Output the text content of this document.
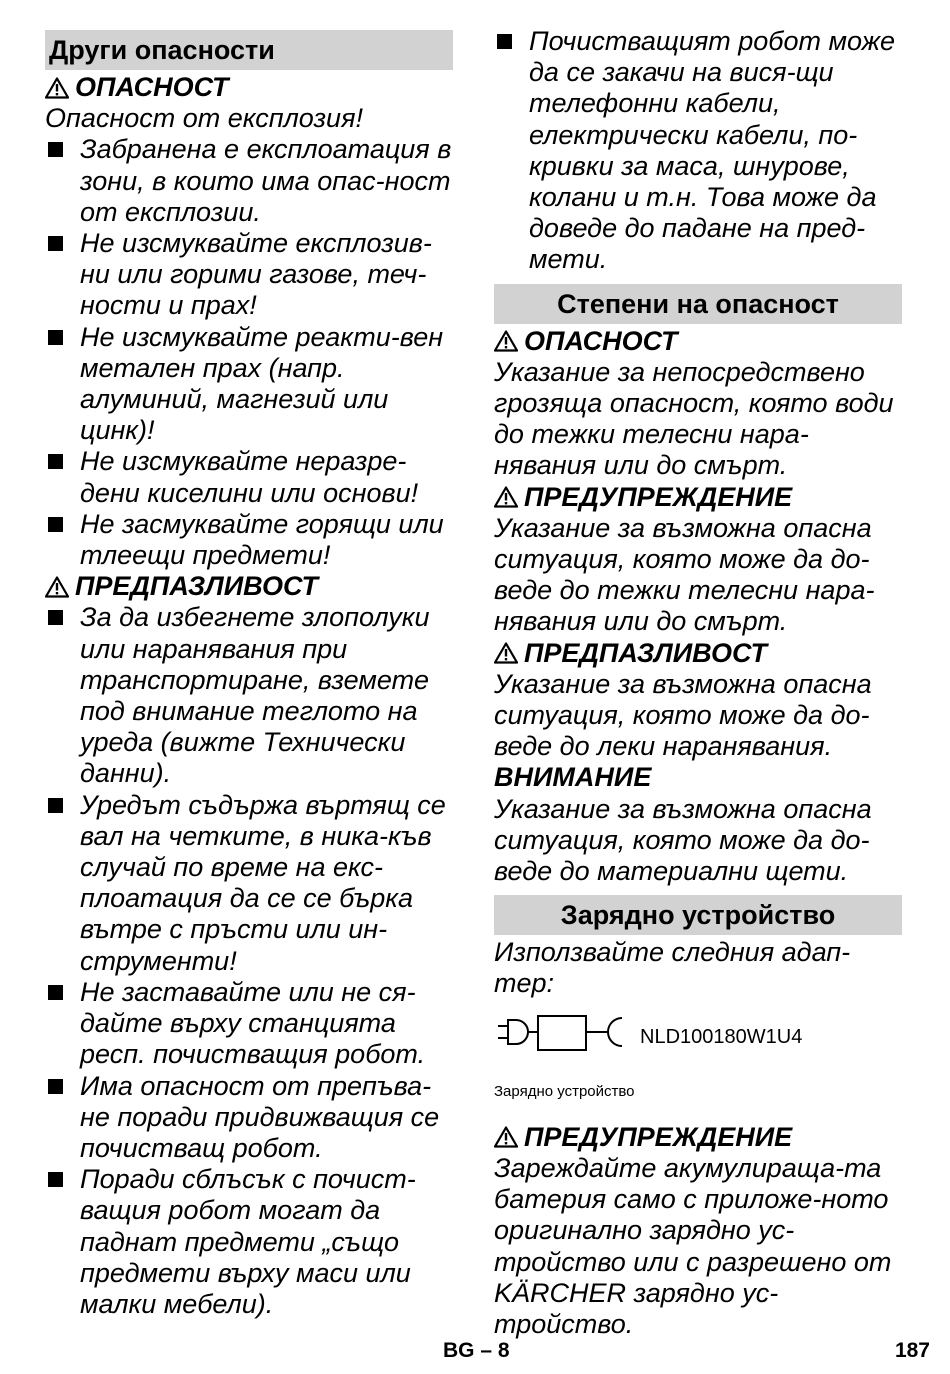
Други опасности
ОПАСНОСТ

Опасност от експлозия!

Забранена е експлоатация в зони, в които има опас-ност от експлозии.
Не изсмуквайте експлозив-ни или горими газове, теч-ности и прах!
Не изсмуквайте реакти-вен метален прах (напр. алуминий, магнезий или цинк)!
Не изсмуквайте неразре-дени киселини или основи!
Не засмуквайте горящи или тлеещи предмети!
ПРЕДПАЗЛИВОСТ
За да избегнете злополуки или наранявания при транспортиране, вземете под внимание теглото на уреда (вижте Технически данни).
Уредът съдържа въртящ се вал на четките, в ника-къв случай по време на екс-плоатация да се се бърка вътре с пръсти или ин-струменти!
Не заставайте или не ся-дайте върху станцията респ. почистващия робот.
Има опасност от препъва-не поради придвижващия се почистващ робот.
Поради сблъсък с почист-ващия робот могат да паднат предмети „също предмети върху маси или малки мебели).
Почистващият робот може да се закачи на вися-щи телефонни кабели, електрически кабели, по-кривки за маса, шнурове, колани и т.н. Това може да доведе до падане на пред-мети.
Степени на опасност
ОПАСНОСТ

Указание за непосредствено грозяща опасност, която води до тежки телесни нара-нявания или до смърт.

ПРЕДУПРЕЖДЕНИЕ

Указание за възможна опасна ситуация, която може да до-веде до тежки телесни нара-нявания или до смърт.

ПРЕДПАЗЛИВОСТ

Указание за възможна опасна ситуация, която може да до-веде до леки наранявания.

ВНИМАНИЕ

Указание за възможна опасна ситуация, която може да до-веде до материални щети.

Зарядно устройство

Използвайте следния адап-тер:

NLD100180W1U4

Зарядно устройство

ПРЕДУПРЕЖДЕНИЕ

Зареждайте акумулираща-та батерия само с приложе-ното оригинално зарядно ус-тройство или с разрешено от KÄRCHER зарядно ус-тройство.

BG – 8	187
